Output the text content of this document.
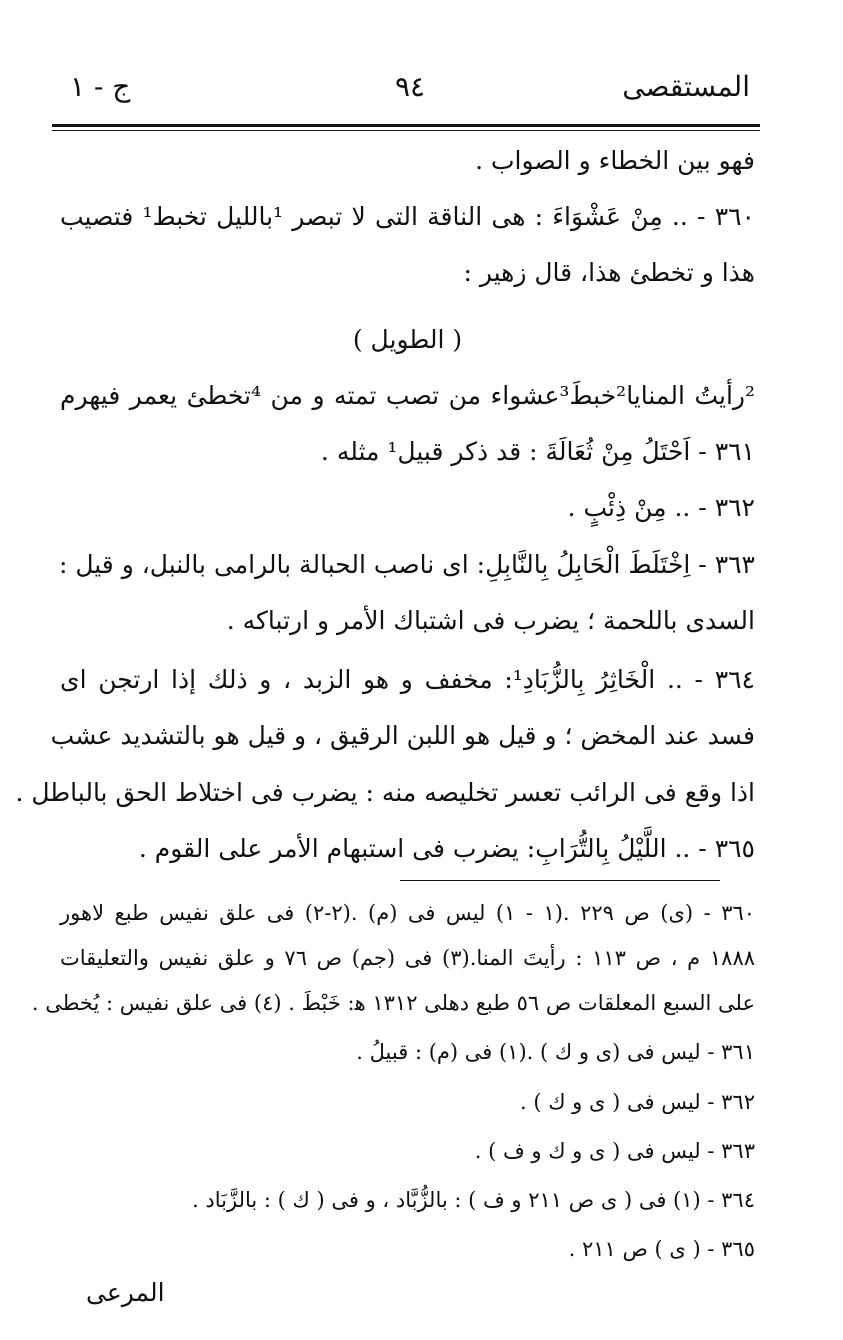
المستقصى
٩٤
ج - ١
فهو بين الخطاء و الصواب .
٣٦٠ - .. مِنْ عَشْوَاءَ : هى الناقة التى لا تبصر ¹بالليل تخبط¹ فتصيب
هذا و تخطئ هذا، قال زهير :
( الطويل )
²رأيتُ المنايا²خبطَ³عشواء من تصب تمته و من ⁴تخطئ يعمر فيهرم
٣٦١ - اَحْتَلُ مِنْ ثُعَالَةَ : قد ذكر قبيل¹ مثله .
٣٦٢ - .. مِنْ ذِئْبٍ .
٣٦٣ - اِخْتَلَطَ الْحَابِلُ بِالنَّابِلِ: اى ناصب الحبالة بالرامى بالنبل، و قيل :
السدى باللحمة ؛ يضرب فى اشتباك الأمر و ارتباكه .
٣٦٤ - .. الْخَاثِرُ بِالزُّبَادِ¹: مخفف و هو الزبد ، و ذلك إذا ارتجن اى
فسد عند المخض ؛ و قيل هو اللبن الرقيق ، و قيل هو بالتشديد عشب
اذا وقع فى الرائب تعسر تخليصه منه : يضرب فى اختلاط الحق بالباطل .
٣٦٥ - .. اللَّيْلُ بِالتُّرَابِ: يضرب فى استبهام الأمر على القوم .
٣٦٠ - (ى) ص ٢٢٩ .(١ - ١) ليس فى (م) .(٢-٢) فى علق نفيس طبع لاهور
١٨٨٨ م ، ص ١١٣ : رأيتَ المنا.(٣) فى (جم) ص ٧٦ و علق نفيس والتعليقات
على السبع المعلقات ص ٥٦ طبع دهلى ١٣١٢ ﻫ: خَبْطَ . (٤) فى علق نفيس : يُخطى .
٣٦١ - ليس فى (ى و ك ) .(١) فى (م) : قبيلُ .
٣٦٢ - ليس فى ( ى و ك ) .
٣٦٣ - ليس فى ( ى و ك و ف ) .
٣٦٤ - (١) فى ( ى ص ٢١١ و ف ) : بالزُّبَّاد ، و فى ( ك ) : بالزَّبَاد .
٣٦٥ - ( ى ) ص ٢١١ .
المرعى
